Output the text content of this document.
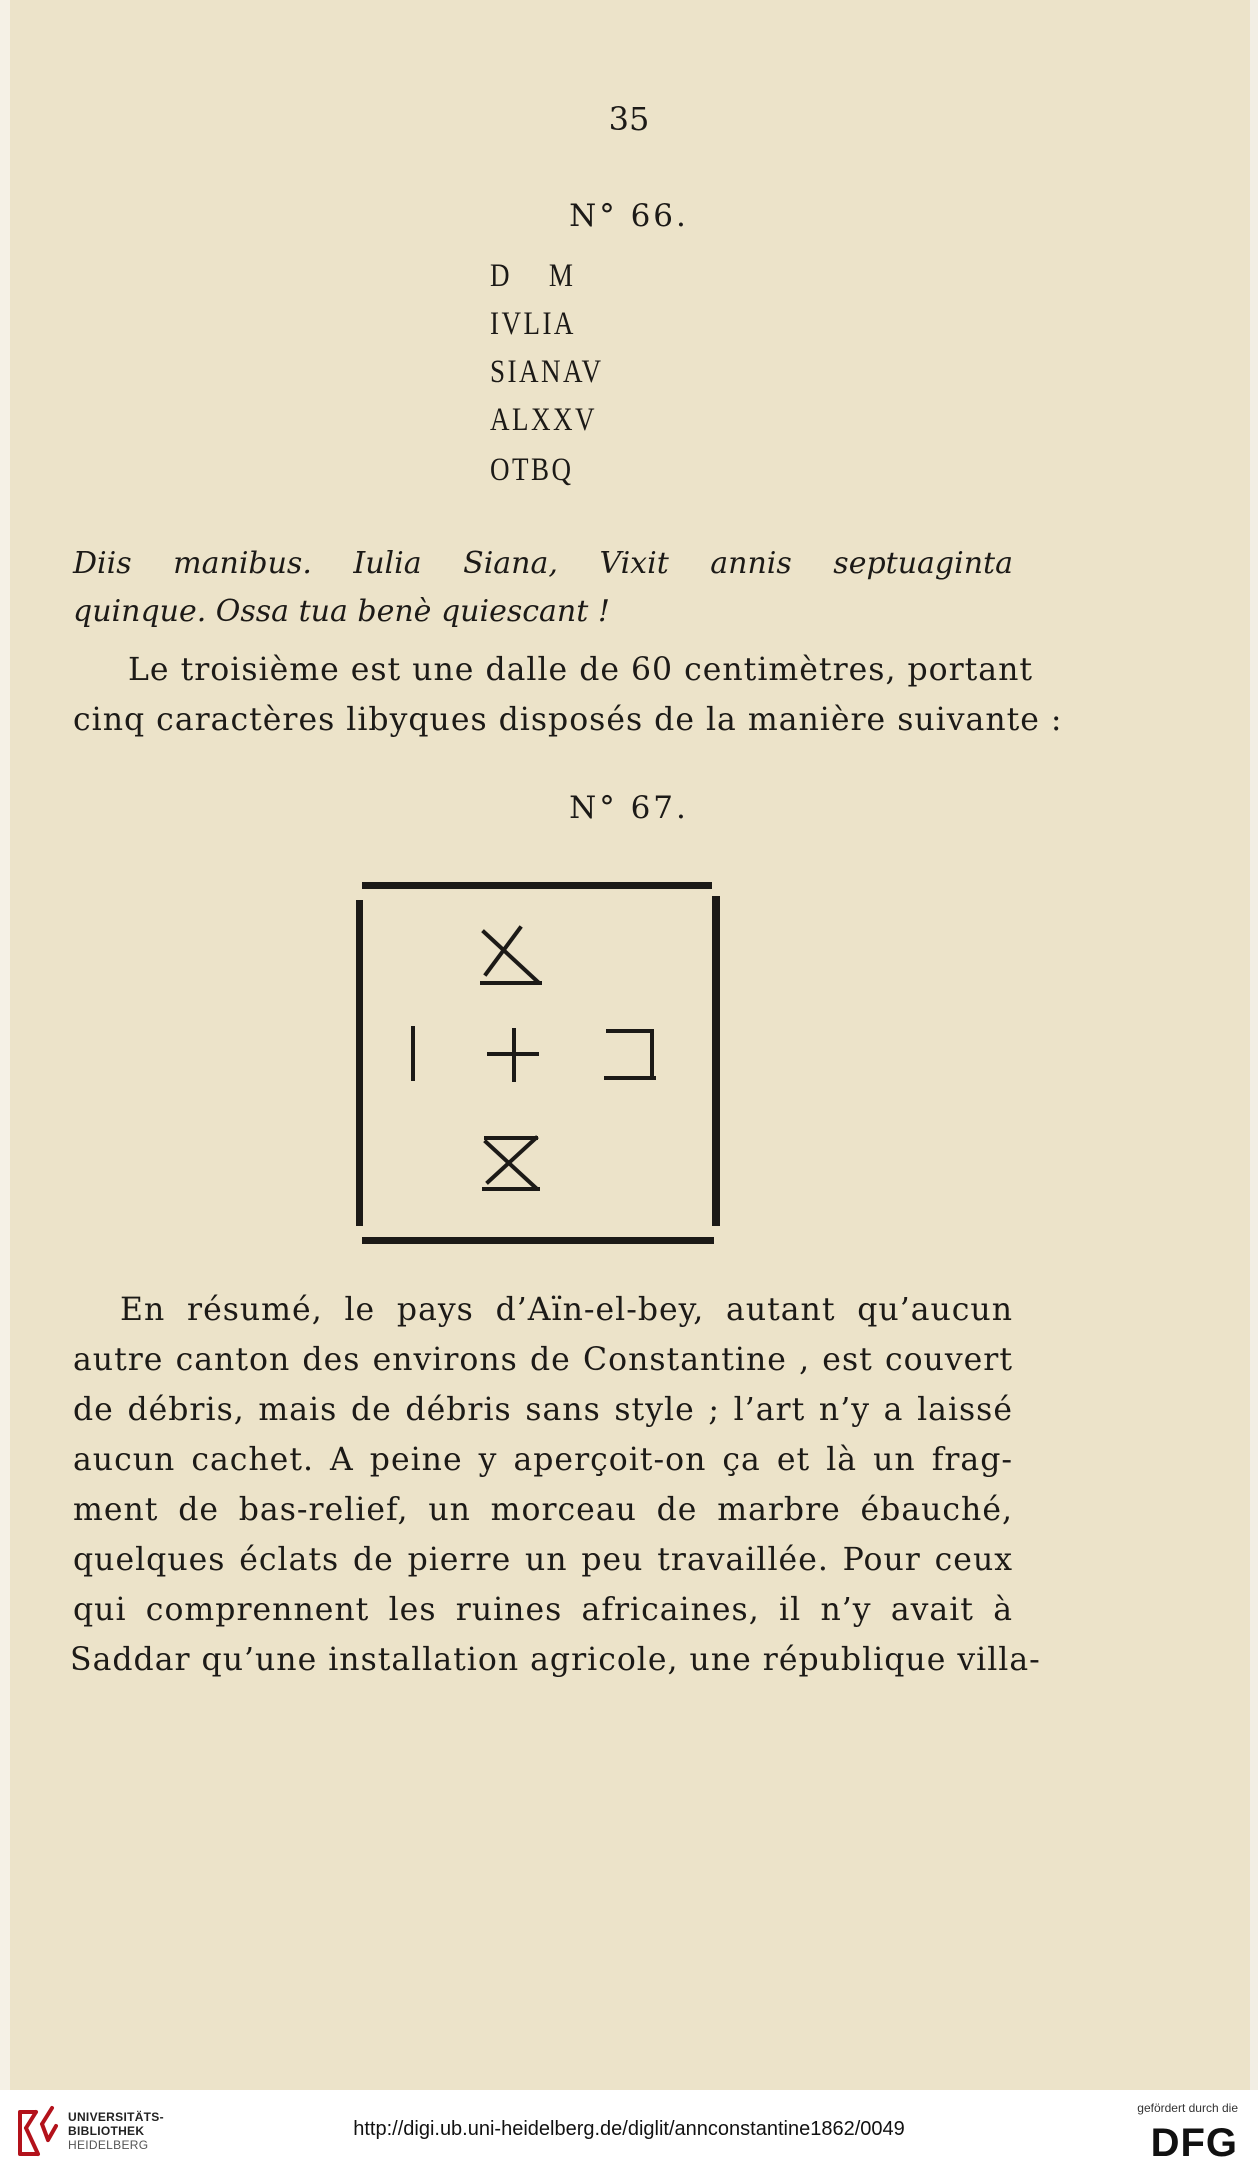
35
N° 66.
D    M
IVLIA
SIANAV
ALXXV
OTBQ
Diis manibus. Iulia Siana, Vixit annis septuaginta
quinque. Ossa tua benè quiescant !
Le troisième est une dalle de 60 centimètres, portant
cinq caractères libyques disposés de la manière suivante :
N° 67.
En résumé, le pays d’Aïn-el-bey, autant qu’aucun
autre canton des environs de Constantine , est couvert
de débris, mais de débris sans style ; l’art n’y a laissé
aucun cachet. A peine y aperçoit-on ça et là un frag-
ment de bas-relief, un morceau de marbre ébauché,
quelques éclats de pierre un peu travaillée. Pour ceux
qui comprennent les ruines africaines, il n’y avait à
Saddar qu’une installation agricole, une république villa-
UNIVERSITÄTS-
BIBLIOTHEK
HEIDELBERG
http://digi.ub.uni-heidelberg.de/diglit/annconstantine1862/0049
gefördert durch die
DFG
